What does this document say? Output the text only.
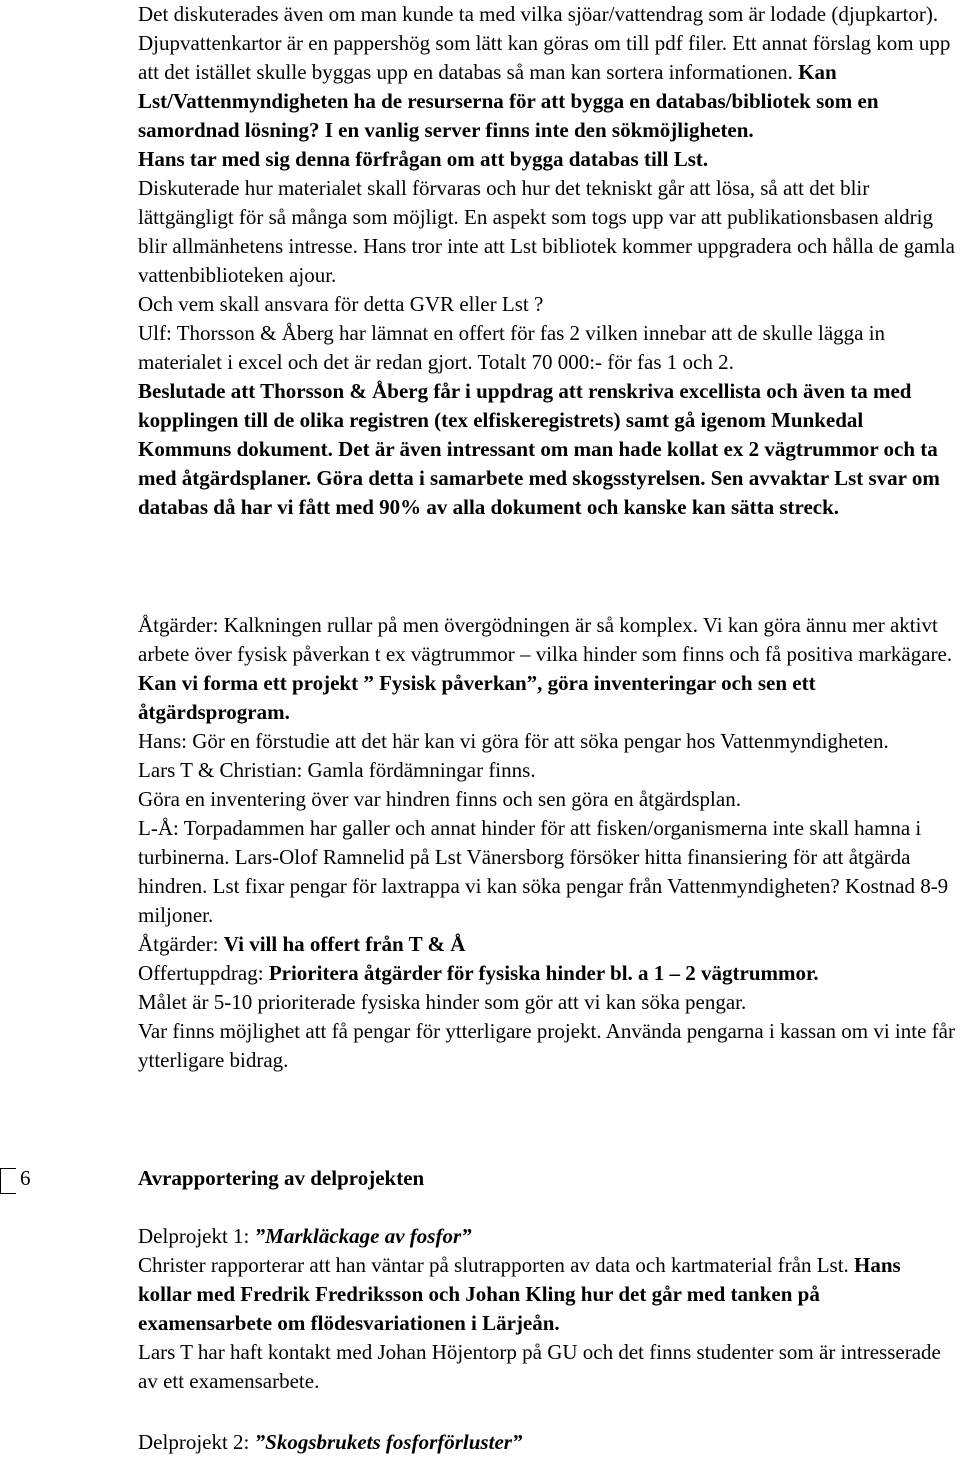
Det diskuterades även om man kunde ta med vilka sjöar/vattendrag som är lodade (djupkartor). Djupvattenkartor är en pappershög som lätt kan göras om till pdf filer. Ett annat förslag kom upp att det istället skulle byggas upp en databas så man kan sortera informationen. Kan Lst/Vattenmyndigheten ha de resurserna för att bygga en databas/bibliotek som en samordnad lösning? I en vanlig server finns inte den sökmöjligheten.

Hans tar med sig denna förfrågan om att bygga databas till Lst.

Diskuterade hur materialet skall förvaras och hur det tekniskt går att lösa, så att det blir lättgängligt för så många som möjligt. En aspekt som togs upp var att publikationsbasen aldrig blir allmänhetens intresse. Hans tror inte att Lst bibliotek kommer uppgradera och hålla de gamla vattenbiblioteken ajour.

Och vem skall ansvara för detta GVR eller Lst ?

Ulf: Thorsson & Åberg har lämnat en offert för fas 2 vilken innebar att de skulle lägga in materialet i excel och det är redan gjort. Totalt 70 000:- för fas 1 och 2.

Beslutade att Thorsson & Åberg får i uppdrag att renskriva excellista och även ta med kopplingen till de olika registren (tex elfiskeregistrets) samt gå igenom Munkedal Kommuns dokument. Det är även intressant om man hade kollat ex 2 vägtrummor och ta med åtgärdsplaner. Göra detta i samarbete med skogsstyrelsen. Sen avvaktar Lst svar om databas då har vi fått med 90% av alla dokument och kanske kan sätta streck.

Åtgärder: Kalkningen rullar på men övergödningen är så komplex. Vi kan göra ännu mer aktivt arbete över fysisk påverkan t ex vägtrummor – vilka hinder som finns och få positiva markägare. Kan vi forma ett projekt ” Fysisk påverkan”, göra inventeringar och sen ett åtgärdsprogram.

Hans: Gör en förstudie att det här kan vi göra för att söka pengar hos Vattenmyndigheten.

Lars T & Christian: Gamla fördämningar finns.

Göra en inventering över var hindren finns och sen göra en åtgärdsplan.

L-Å: Torpadammen har galler och annat hinder för att fisken/organismerna inte skall hamna i turbinerna. Lars-Olof Ramnelid på Lst Vänersborg försöker hitta finansiering för att åtgärda hindren. Lst fixar pengar för laxtrappa vi kan söka pengar från Vattenmyndigheten? Kostnad 8-9 miljoner.

Åtgärder: Vi vill ha offert från T & Å

Offertuppdrag: Prioritera åtgärder för fysiska hinder bl. a 1 – 2 vägtrummor.

Målet är 5-10 prioriterade fysiska hinder som gör att vi kan söka pengar.

Var finns möjlighet att få pengar för ytterligare projekt. Använda pengarna i kassan om vi inte får ytterligare bidrag.

6	Avrapportering av delprojekten

Delprojekt 1: ”Markläckage av fosfor”

Christer rapporterar att han väntar på slutrapporten av data och kartmaterial från Lst. Hans kollar med Fredrik Fredriksson och Johan Kling hur det går med tanken på examensarbete om flödesvariationen i Lärjeån.

Lars T har haft kontakt med Johan Höjentorp på GU och det finns studenter som är intresserade av ett examensarbete.

Delprojekt 2: ”Skogsbrukets fosforförluster”
